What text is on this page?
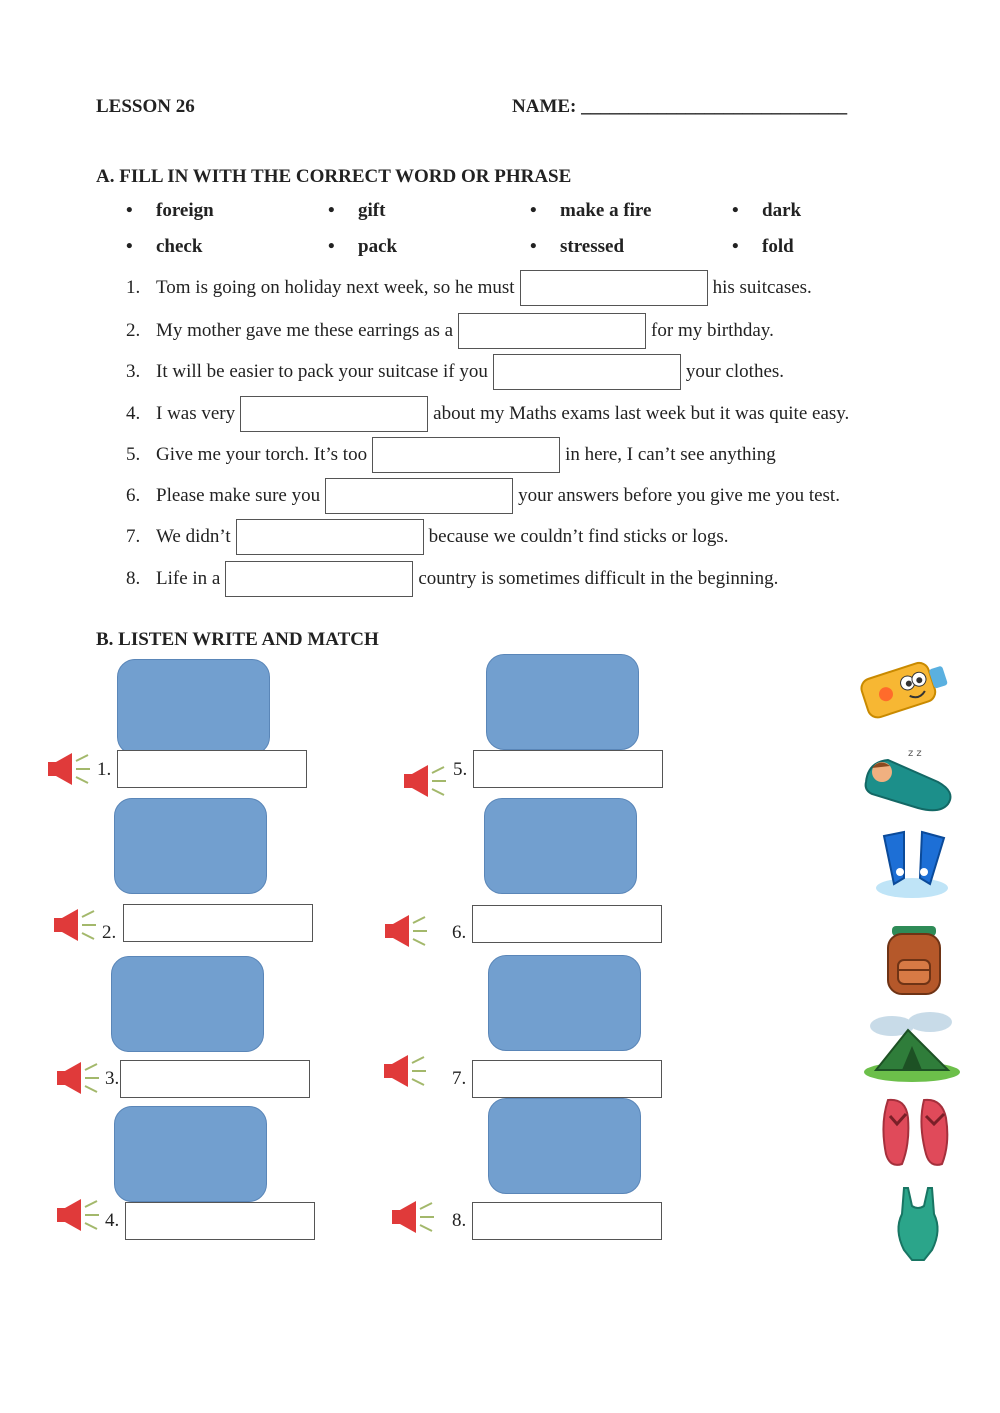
LESSON 26	NAME: ____________________________
A. FILL IN WITH THE CORRECT WORD OR PHRASE
• foreign	• gift	• make a fire	• dark
• check	• pack	• stressed	• fold
1. Tom is going on holiday next week, so he must	his suitcases.
2. My mother gave me these earrings as a	for my birthday.
3. It will be easier to pack your suitcase if you	your clothes.
4. I was very	about my Maths exams last week but it was quite easy.
5. Give me your torch. It’s too	in here, I can’t see anything
6. Please make sure you	your answers before you give me you test.
7. We didn’t	because we couldn’t find sticks or logs.
8. Life in a	country is sometimes difficult in the beginning.
B. LISTEN WRITE AND MATCH
1.
2.
3.
4.
5.
6.
7.
8.
z z
